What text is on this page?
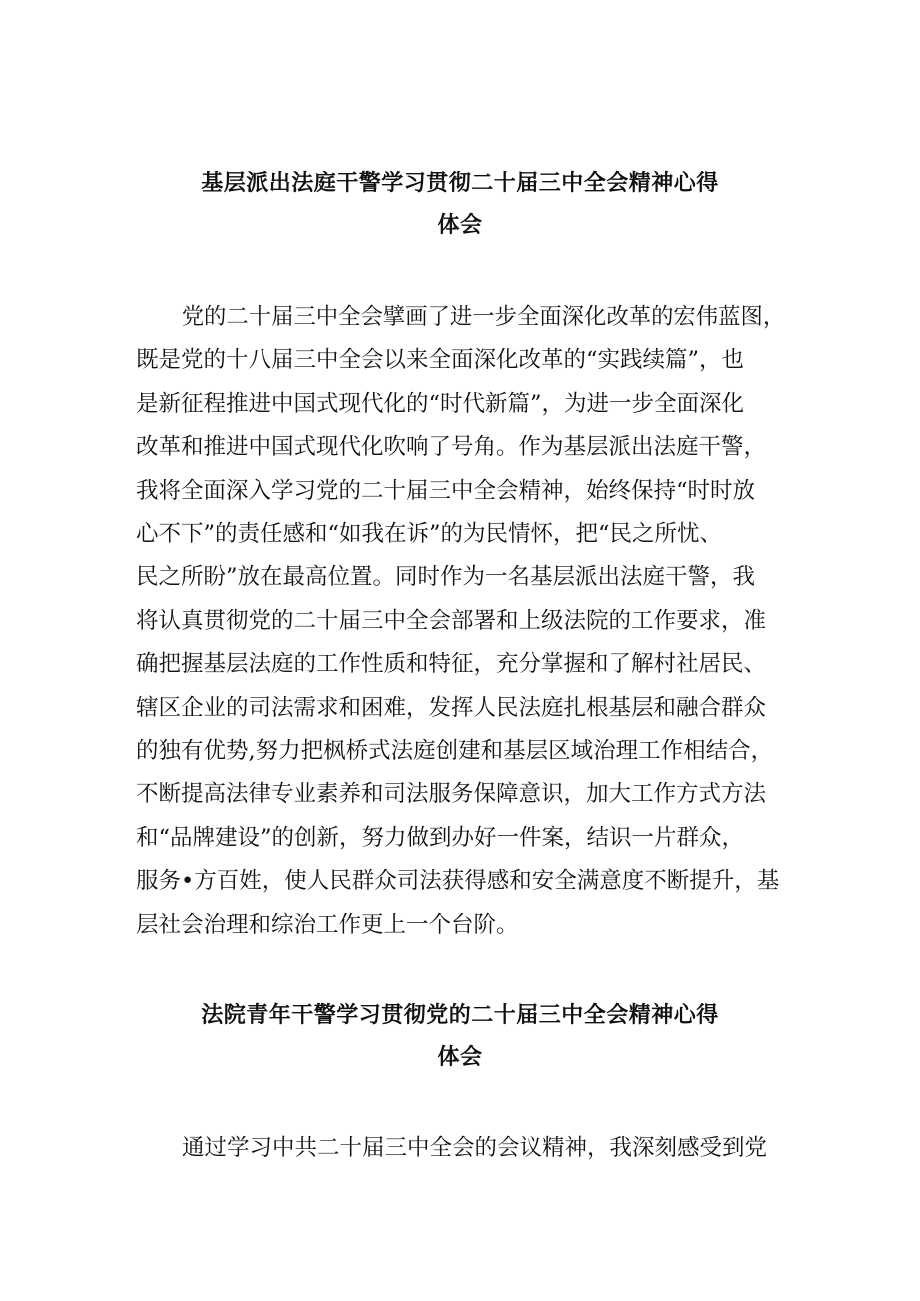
基层派出法庭干警学习贯彻二十届三中全会精神心得
体会
党的二十届三中全会擘画了进一步全面深化改革的宏伟蓝图，
既是党的十八届三中全会以来全面深化改革的“实践续篇”，也
是新征程推进中国式现代化的“时代新篇”，为进一步全面深化
改革和推进中国式现代化吹响了号角。作为基层派出法庭干警，
我将全面深入学习党的二十届三中全会精神，始终保持“时时放
心不下”的责任感和“如我在诉”的为民情怀，把“民之所忧、
民之所盼”放在最高位置。同时作为一名基层派出法庭干警，我
将认真贯彻党的二十届三中全会部署和上级法院的工作要求，准
确把握基层法庭的工作性质和特征，充分掌握和了解村社居民、
辖区企业的司法需求和困难，发挥人民法庭扎根基层和融合群众
的独有优势,努力把枫桥式法庭创建和基层区域治理工作相结合，
不断提高法律专业素养和司法服务保障意识，加大工作方式方法
和“品牌建设”的创新，努力做到办好一件案，结识一片群众，
服务•方百姓，使人民群众司法获得感和安全满意度不断提升，基
层社会治理和综治工作更上一个台阶。
法院青年干警学习贯彻党的二十届三中全会精神心得
体会
通过学习中共二十届三中全会的会议精神，我深刻感受到党
